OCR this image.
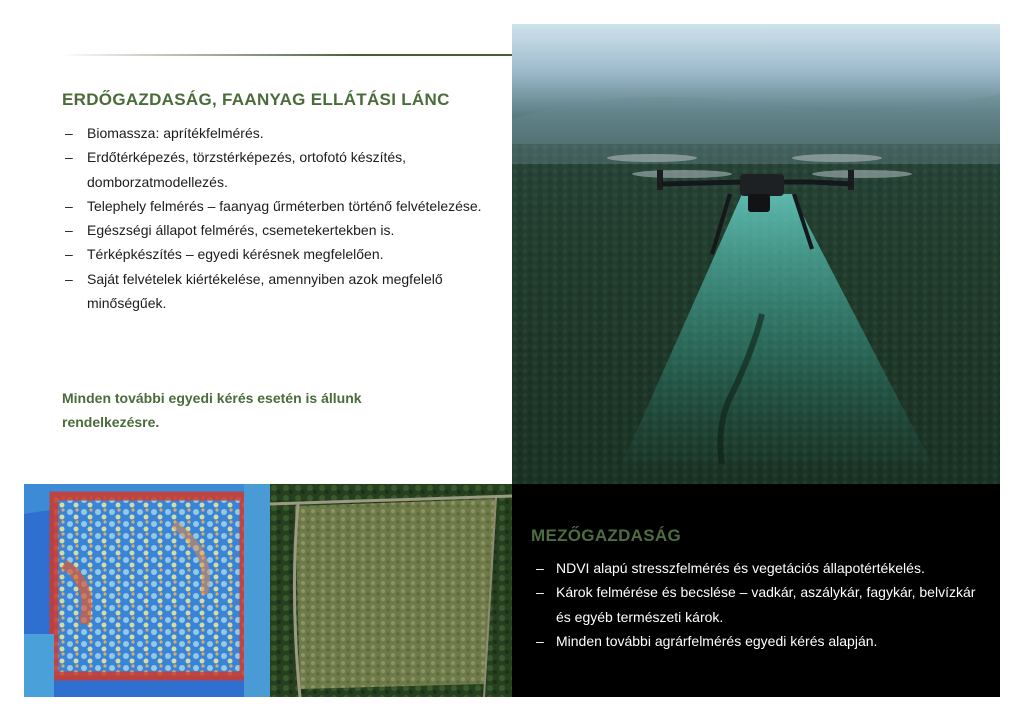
ERDŐGAZDASÁG, FAANYAG ELLÁTÁSI LÁNC
– Biomassza: aprítékfelmérés.
– Erdőtérképezés, törzstérképezés, ortofotó készítés, domborzatmodellezés.
– Telephely felmérés – faanyag űrméterben történő felvételezése.
– Egészségi állapot felmérés, csemetekertekben is.
– Térképkészítés – egyedi kérésnek megfelelően.
– Saját felvételek kiértékelése, amennyiben azok megfelelő minőségűek.
Minden további egyedi kérés esetén is állunk rendelkezésre.
MEZŐGAZDASÁG
– NDVI alapú stresszfelmérés és vegetációs állapotértékelés.
– Károk felmérése és becslése – vadkár, aszálykár, fagykár, belvízkár és egyéb természeti károk.
– Minden további agrárfelmérés egyedi kérés alapján.
